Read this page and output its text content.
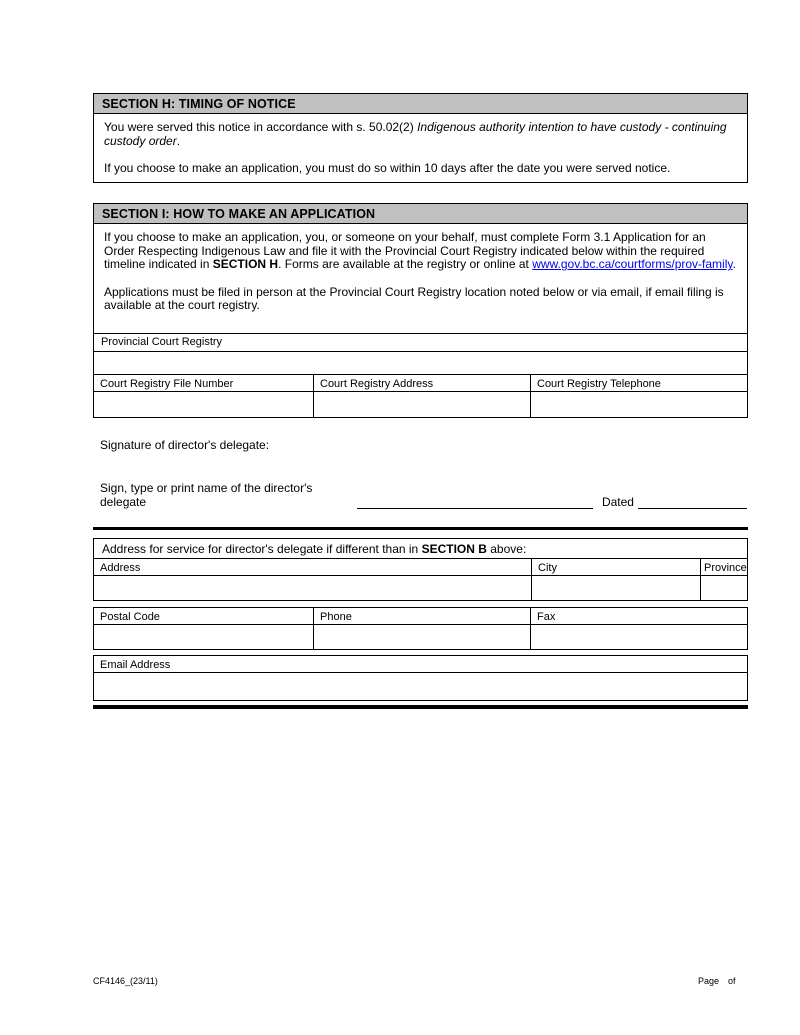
SECTION H: TIMING OF NOTICE

You were served this notice in accordance with s. 50.02(2) Indigenous authority intention to have custody - continuing custody order.

If you choose to make an application, you must do so within 10 days after the date you were served notice.

SECTION I: HOW TO MAKE AN APPLICATION

If you choose to make an application, you, or someone on your behalf, must complete Form 3.1 Application for an Order Respecting Indigenous Law and file it with the Provincial Court Registry indicated below within the required timeline indicated in SECTION H. Forms are available at the registry or online at www.gov.bc.ca/courtforms/prov-family.

Applications must be filed in person at the Provincial Court Registry location noted below or via email, if email filing is available at the court registry.

Provincial Court Registry
Court Registry File Number	Court Registry Address	Court Registry Telephone
Signature of director's delegate:
Sign, type or print name of the director's delegate	Dated
Address for service for director's delegate if different than in SECTION B above:
Address	City	Province
Postal Code	Phone	Fax
Email Address
CF4146_(23/11)	Page of
